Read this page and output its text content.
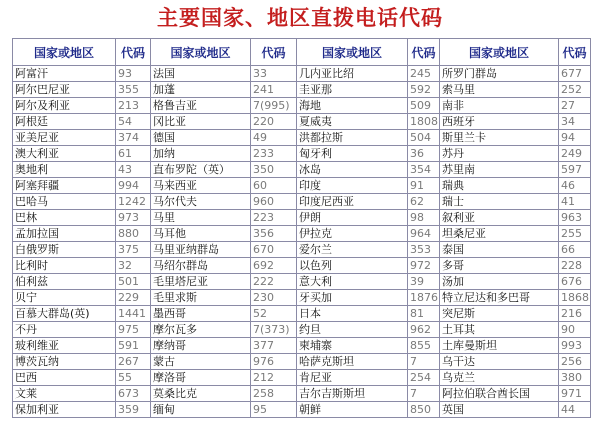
主要国家、地区直拨电话代码
国家或地区	代码	国家或地区	代码	国家或地区	代码	国家或地区	代码
阿富汗	93	法国	33	几内亚比绍	245	所罗门群岛	677
阿尔巴尼亚	355	加蓬	241	圭亚那	592	索马里	252
阿尔及利亚	213	格鲁吉亚	7(995)	海地	509	南非	27
阿根廷	54	冈比亚	220	夏威夷	1808	西班牙	34
亚美尼亚	374	德国	49	洪都拉斯	504	斯里兰卡	94
澳大利亚	61	加纳	233	匈牙利	36	苏丹	249
奥地利	43	直布罗陀（英）	350	冰岛	354	苏里南	597
阿塞拜疆	994	马来西亚	60	印度	91	瑞典	46
巴哈马	1242	马尔代夫	960	印度尼西亚	62	瑞士	41
巴林	973	马里	223	伊朗	98	叙利亚	963
孟加拉国	880	马耳他	356	伊拉克	964	坦桑尼亚	255
白俄罗斯	375	马里亚纳群岛	670	爱尔兰	353	泰国	66
比利时	32	马绍尔群岛	692	以色列	972	多哥	228
伯利兹	501	毛里塔尼亚	222	意大利	39	汤加	676
贝宁	229	毛里求斯	230	牙买加	1876	特立尼达和多巴哥	1868
百慕大群岛(英)	1441	墨西哥	52	日本	81	突尼斯	216
不丹	975	摩尔瓦多	7(373)	约旦	962	土耳其	90
玻利维亚	591	摩纳哥	377	柬埔寨	855	土库曼斯坦	993
博茨瓦纳	267	蒙古	976	哈萨克斯坦	7	乌干达	256
巴西	55	摩洛哥	212	肯尼亚	254	乌克兰	380
文莱	673	莫桑比克	258	吉尔吉斯斯坦	7	阿拉伯联合酋长国	971
保加利亚	359	缅甸	95	朝鲜	850	英国	44
